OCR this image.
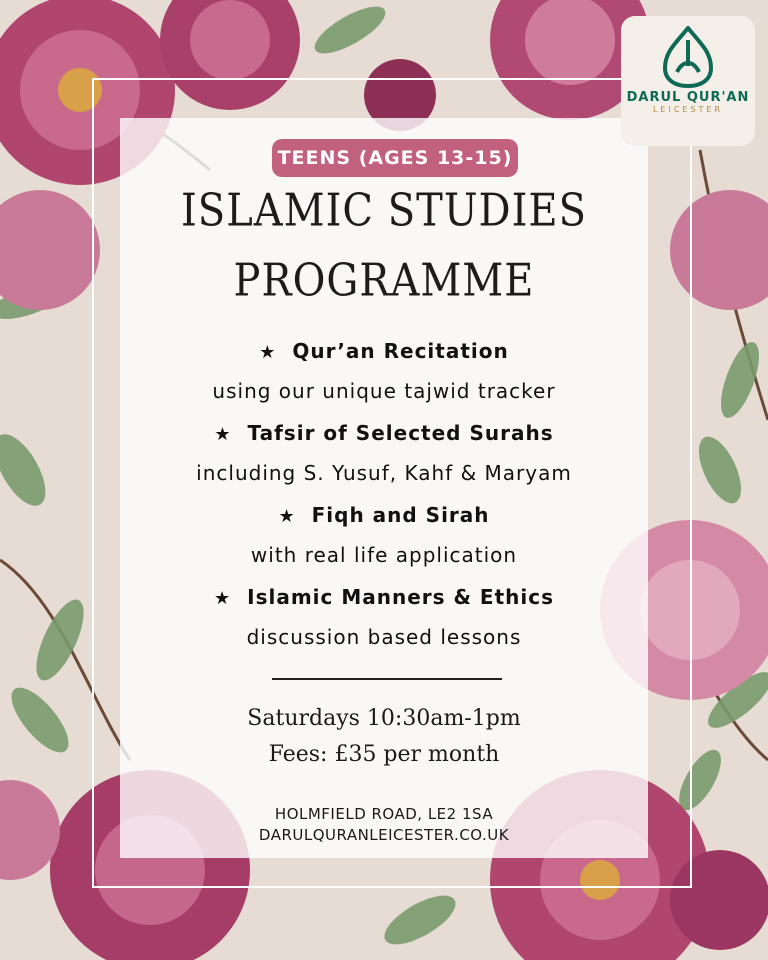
DARUL QUR'AN
LEICESTER
TEENS (AGES 13-15)
ISLAMIC STUDIES
PROGRAMME
★ Qur’an Recitation
using our unique tajwid tracker
★ Tafsir of Selected Surahs
including S. Yusuf, Kahf & Maryam
★ Fiqh and Sirah
with real life application
★ Islamic Manners & Ethics
discussion based lessons
Saturdays 10:30am-1pm
Fees: £35 per month
HOLMFIELD ROAD, LE2 1SA
DARULQURANLEICESTER.CO.UK
